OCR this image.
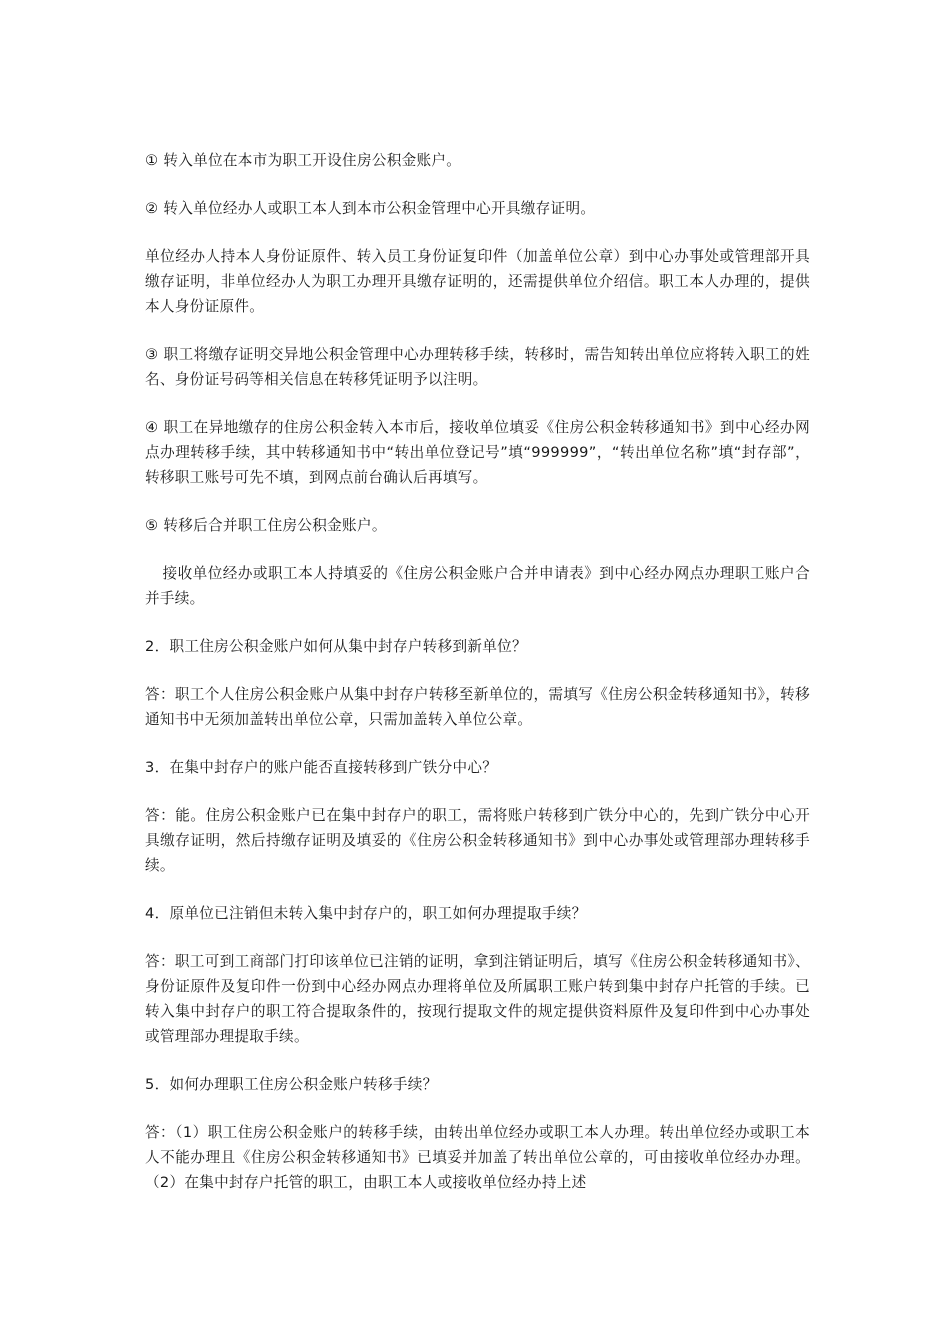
① 转入单位在本市为职工开设住房公积金账户。

② 转入单位经办人或职工本人到本市公积金管理中心开具缴存证明。

单位经办人持本人身份证原件、转入员工身份证复印件（加盖单位公章）到中心办事处或管理部开具缴存证明，非单位经办人为职工办理开具缴存证明的，还需提供单位介绍信。职工本人办理的，提供本人身份证原件。

③ 职工将缴存证明交异地公积金管理中心办理转移手续，转移时，需告知转出单位应将转入职工的姓名、身份证号码等相关信息在转移凭证明予以注明。

④ 职工在异地缴存的住房公积金转入本市后，接收单位填妥《住房公积金转移通知书》到中心经办网点办理转移手续，其中转移通知书中“转出单位登记号”填“999999”，“转出单位名称”填“封存部”，转移职工账号可先不填，到网点前台确认后再填写。

⑤ 转移后合并职工住房公积金账户。

接收单位经办或职工本人持填妥的《住房公积金账户合并申请表》到中心经办网点办理职工账户合并手续。

2．职工住房公积金账户如何从集中封存户转移到新单位？

答：职工个人住房公积金账户从集中封存户转移至新单位的，需填写《住房公积金转移通知书》，转移通知书中无须加盖转出单位公章，只需加盖转入单位公章。

3．在集中封存户的账户能否直接转移到广铁分中心？

答：能。住房公积金账户已在集中封存户的职工，需将账户转移到广铁分中心的，先到广铁分中心开具缴存证明，然后持缴存证明及填妥的《住房公积金转移通知书》到中心办事处或管理部办理转移手续。

4．原单位已注销但未转入集中封存户的，职工如何办理提取手续？

答：职工可到工商部门打印该单位已注销的证明，拿到注销证明后，填写《住房公积金转移通知书》、身份证原件及复印件一份到中心经办网点办理将单位及所属职工账户转到集中封存户托管的手续。已转入集中封存户的职工符合提取条件的，按现行提取文件的规定提供资料原件及复印件到中心办事处或管理部办理提取手续。

5．如何办理职工住房公积金账户转移手续？

答：（1）职工住房公积金账户的转移手续，由转出单位经办或职工本人办理。转出单位经办或职工本人不能办理且《住房公积金转移通知书》已填妥并加盖了转出单位公章的，可由接收单位经办办理。（2）在集中封存户托管的职工，由职工本人或接收单位经办持上述
